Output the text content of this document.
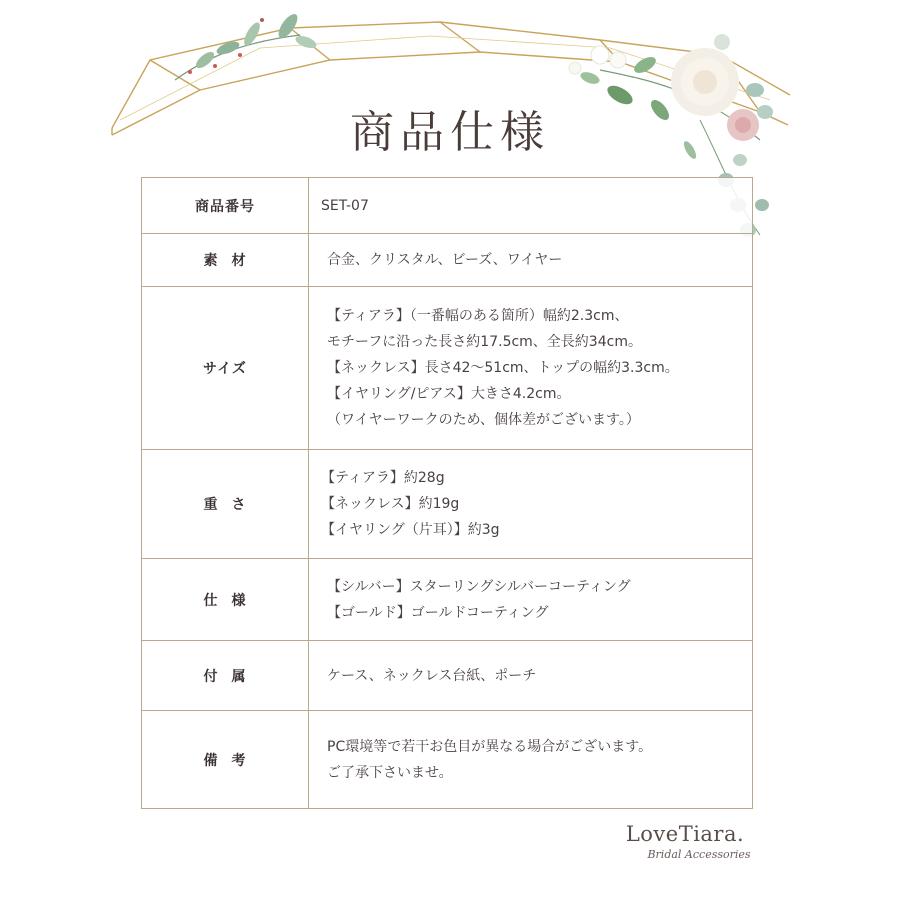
商品仕様
商品番号	SET-07

素材	合金、クリスタル、ビーズ、ワイヤー

サイズ	【ティアラ】（一番幅のある箇所）幅約2.3cm、
モチーフに沿った長さ約17.5cm、全長約34cm。
【ネックレス】長さ42〜51cm、トップの幅約3.3cm。
【イヤリング/ピアス】大きさ4.2cm。
（ワイヤーワークのため、個体差がございます。）

重さ	【ティアラ】約28g
【ネックレス】約19g
【イヤリング（片耳）】約3g

仕様	【シルバー】スターリングシルバーコーティング
【ゴールド】ゴールドコーティング

付属	ケース、ネックレス台紙、ポーチ

備考	PC環境等で若干お色目が異なる場合がございます。
ご了承下さいませ。
LoveTiara.
Bridal Accessories
